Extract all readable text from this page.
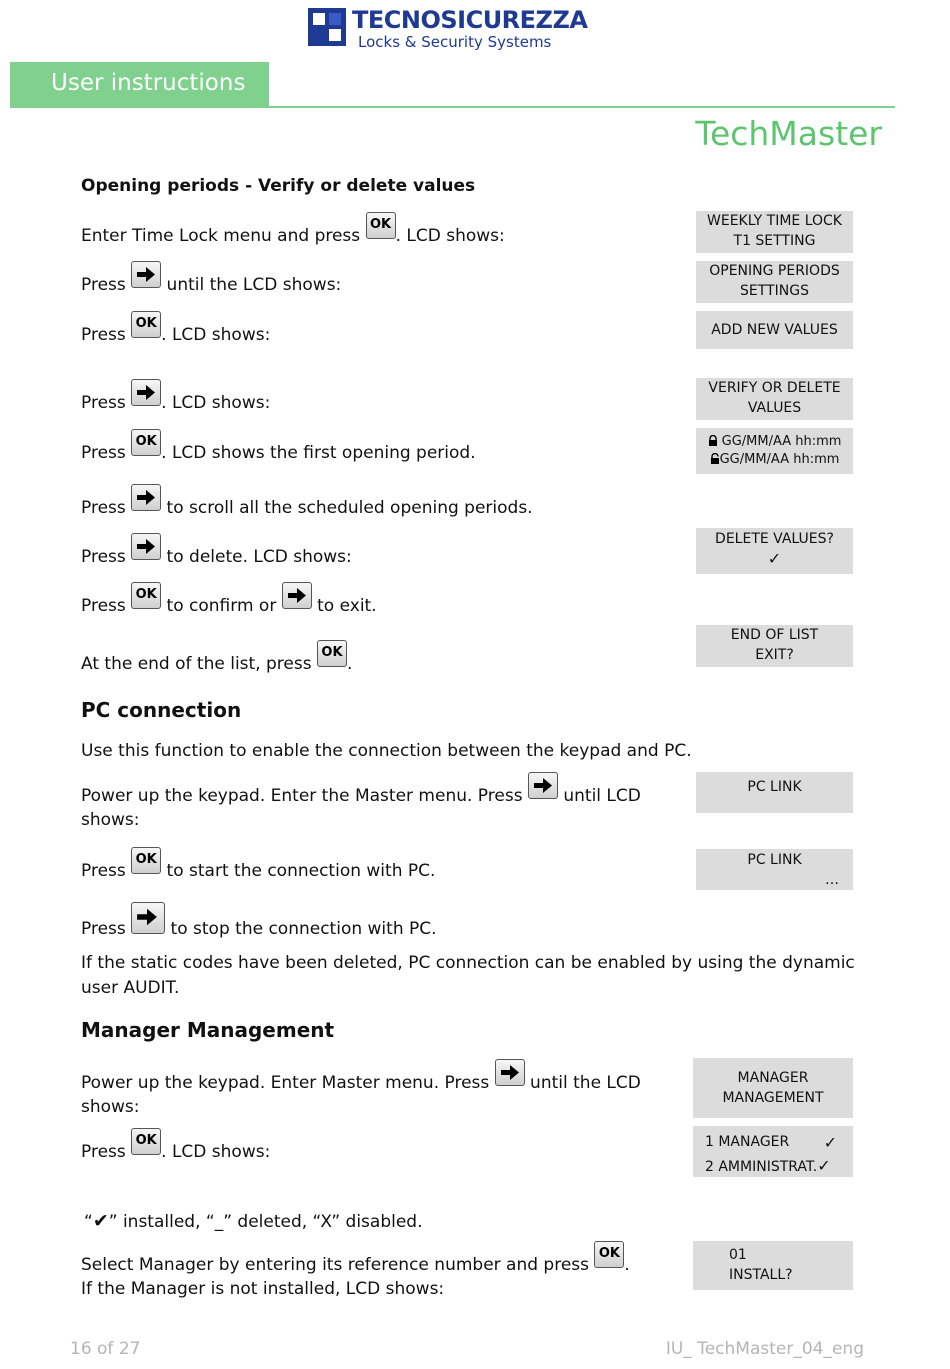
TECNOSICUREZZA
Locks & Security Systems
User instructions
TechMaster
Opening periods - Verify or delete values
Enter Time Lock menu and press
OK
. LCD shows:
Press
until the LCD shows:
Press
OK
. LCD shows:
Press
. LCD shows:
Press
OK
. LCD shows the first opening period.
Press
to scroll all the scheduled opening periods.
Press
to delete. LCD shows:
Press
OK
to confirm or
to exit.
At the end of the list, press
OK
.
WEEKLY TIME LOCK
T1 SETTING
OPENING PERIODS
SETTINGS
ADD NEW VALUES
VERIFY OR DELETE
VALUES
GG/MM/AA hh:mm
GG/MM/AA hh:mm
DELETE VALUES?
✓
END OF LIST
EXIT?
PC connection
Use this function to enable the connection between the keypad and PC.
Power up the keypad. Enter the Master menu. Press
until LCD
shows:
Press
OK
to start the connection with PC.
Press
to stop the connection with PC.
If the static codes have been deleted, PC connection can be enabled by using the dynamic
user AUDIT.
PC LINK
PC LINK
…
Manager Management
Power up the keypad. Enter Master menu. Press
until the LCD
shows:
Press
OK
. LCD shows:
“✔” installed, “_” deleted, “X” disabled.
Select Manager by entering its reference number and press
OK
.
If the Manager is not installed, LCD shows:
MANAGER
MANAGEMENT
1 MANAGER ✓
2 AMMINISTRAT.✓
01
INSTALL?
16 of 27	IU_ TechMaster_04_eng
